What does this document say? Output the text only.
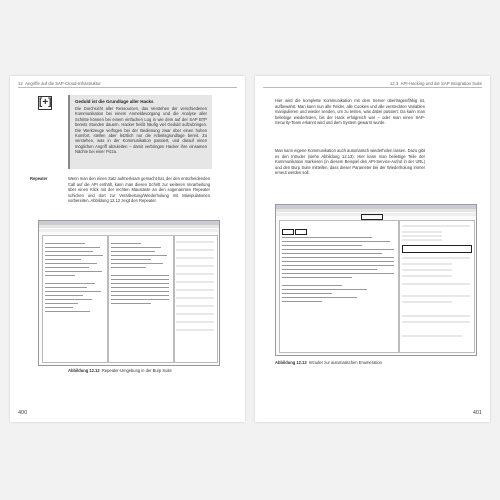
12 Angriffe auf die SAP-Cloud-Infrastruktur
[+]	Geduld ist die Grundlage aller Hacks
Die Durchsicht aller Ressourcen, das Verstehen der verschiedenen Kommunikation bei einem Anmeldevorgang und die Analyse aller Schritte können bei einem einfachen Log in wie dem auf der SAP BTP bereits Stunden dauern. Hacker heißt häufig viel Geduld aufzubringen. Die Werkzeuge verfügen bei der Bedienung zwar über einen hohen Komfort, stellen aber letztlich nur die Arbeitsgrundlage bereit. Zu verstehen, was in der Kommunikation passiert, und darauf einen möglichen Angriff abzuleiten – damit verbringen Hacker ihre einsamen Nächte bei einer Pizza.
Repeater	Wenn man den einen Satz aufmerksam gemacht hat, der den entscheidenden Call auf die API enthält, kann man diesen Schritt zur weiteren Verarbeitung über einen Klick mit der rechten Maustaste an den sogenannten Repeater schicken und dort zur Verarbeitung/Wiederholung mit Manipulationen vorbereiten. Abbildung 12.12 zeigt den Repeater.
Abbildung 12.12 Repeater-Umgebung in der Burp Suite
400
12.3 API-Hacking und die SAP Integration Suite
Hier wird die komplette Kommunikation mit dem Server übertragen/fähig ist, aufbewahrt. Man kann nun alle Felder, alle Cookies und alle versteckten Variablen manipulieren und wieder senden, um zu testen, was dabei passiert. Da kann man beliebige wiederholen, bis der Hack erfolgreich war – oder man einen SAP-Security-Team erkannt wird und dem System gewarnt wurde.
Man kann eigene Kommunikation auch automatisch wiederholen lassen. Dazu gibt es den Intruder (siehe Abbildung 12.13). Hier kann man beliebige Teile der Kommunikation markieren (in diesem Beispiel den API-Service-Aufruf in der URL) und den Burp Suite mitteilen, dass dieser Parameter bei der Wiederholung immer erneut werden soll.
Abbildung 12.13 Intruder zur automatischen Enumeration
401
